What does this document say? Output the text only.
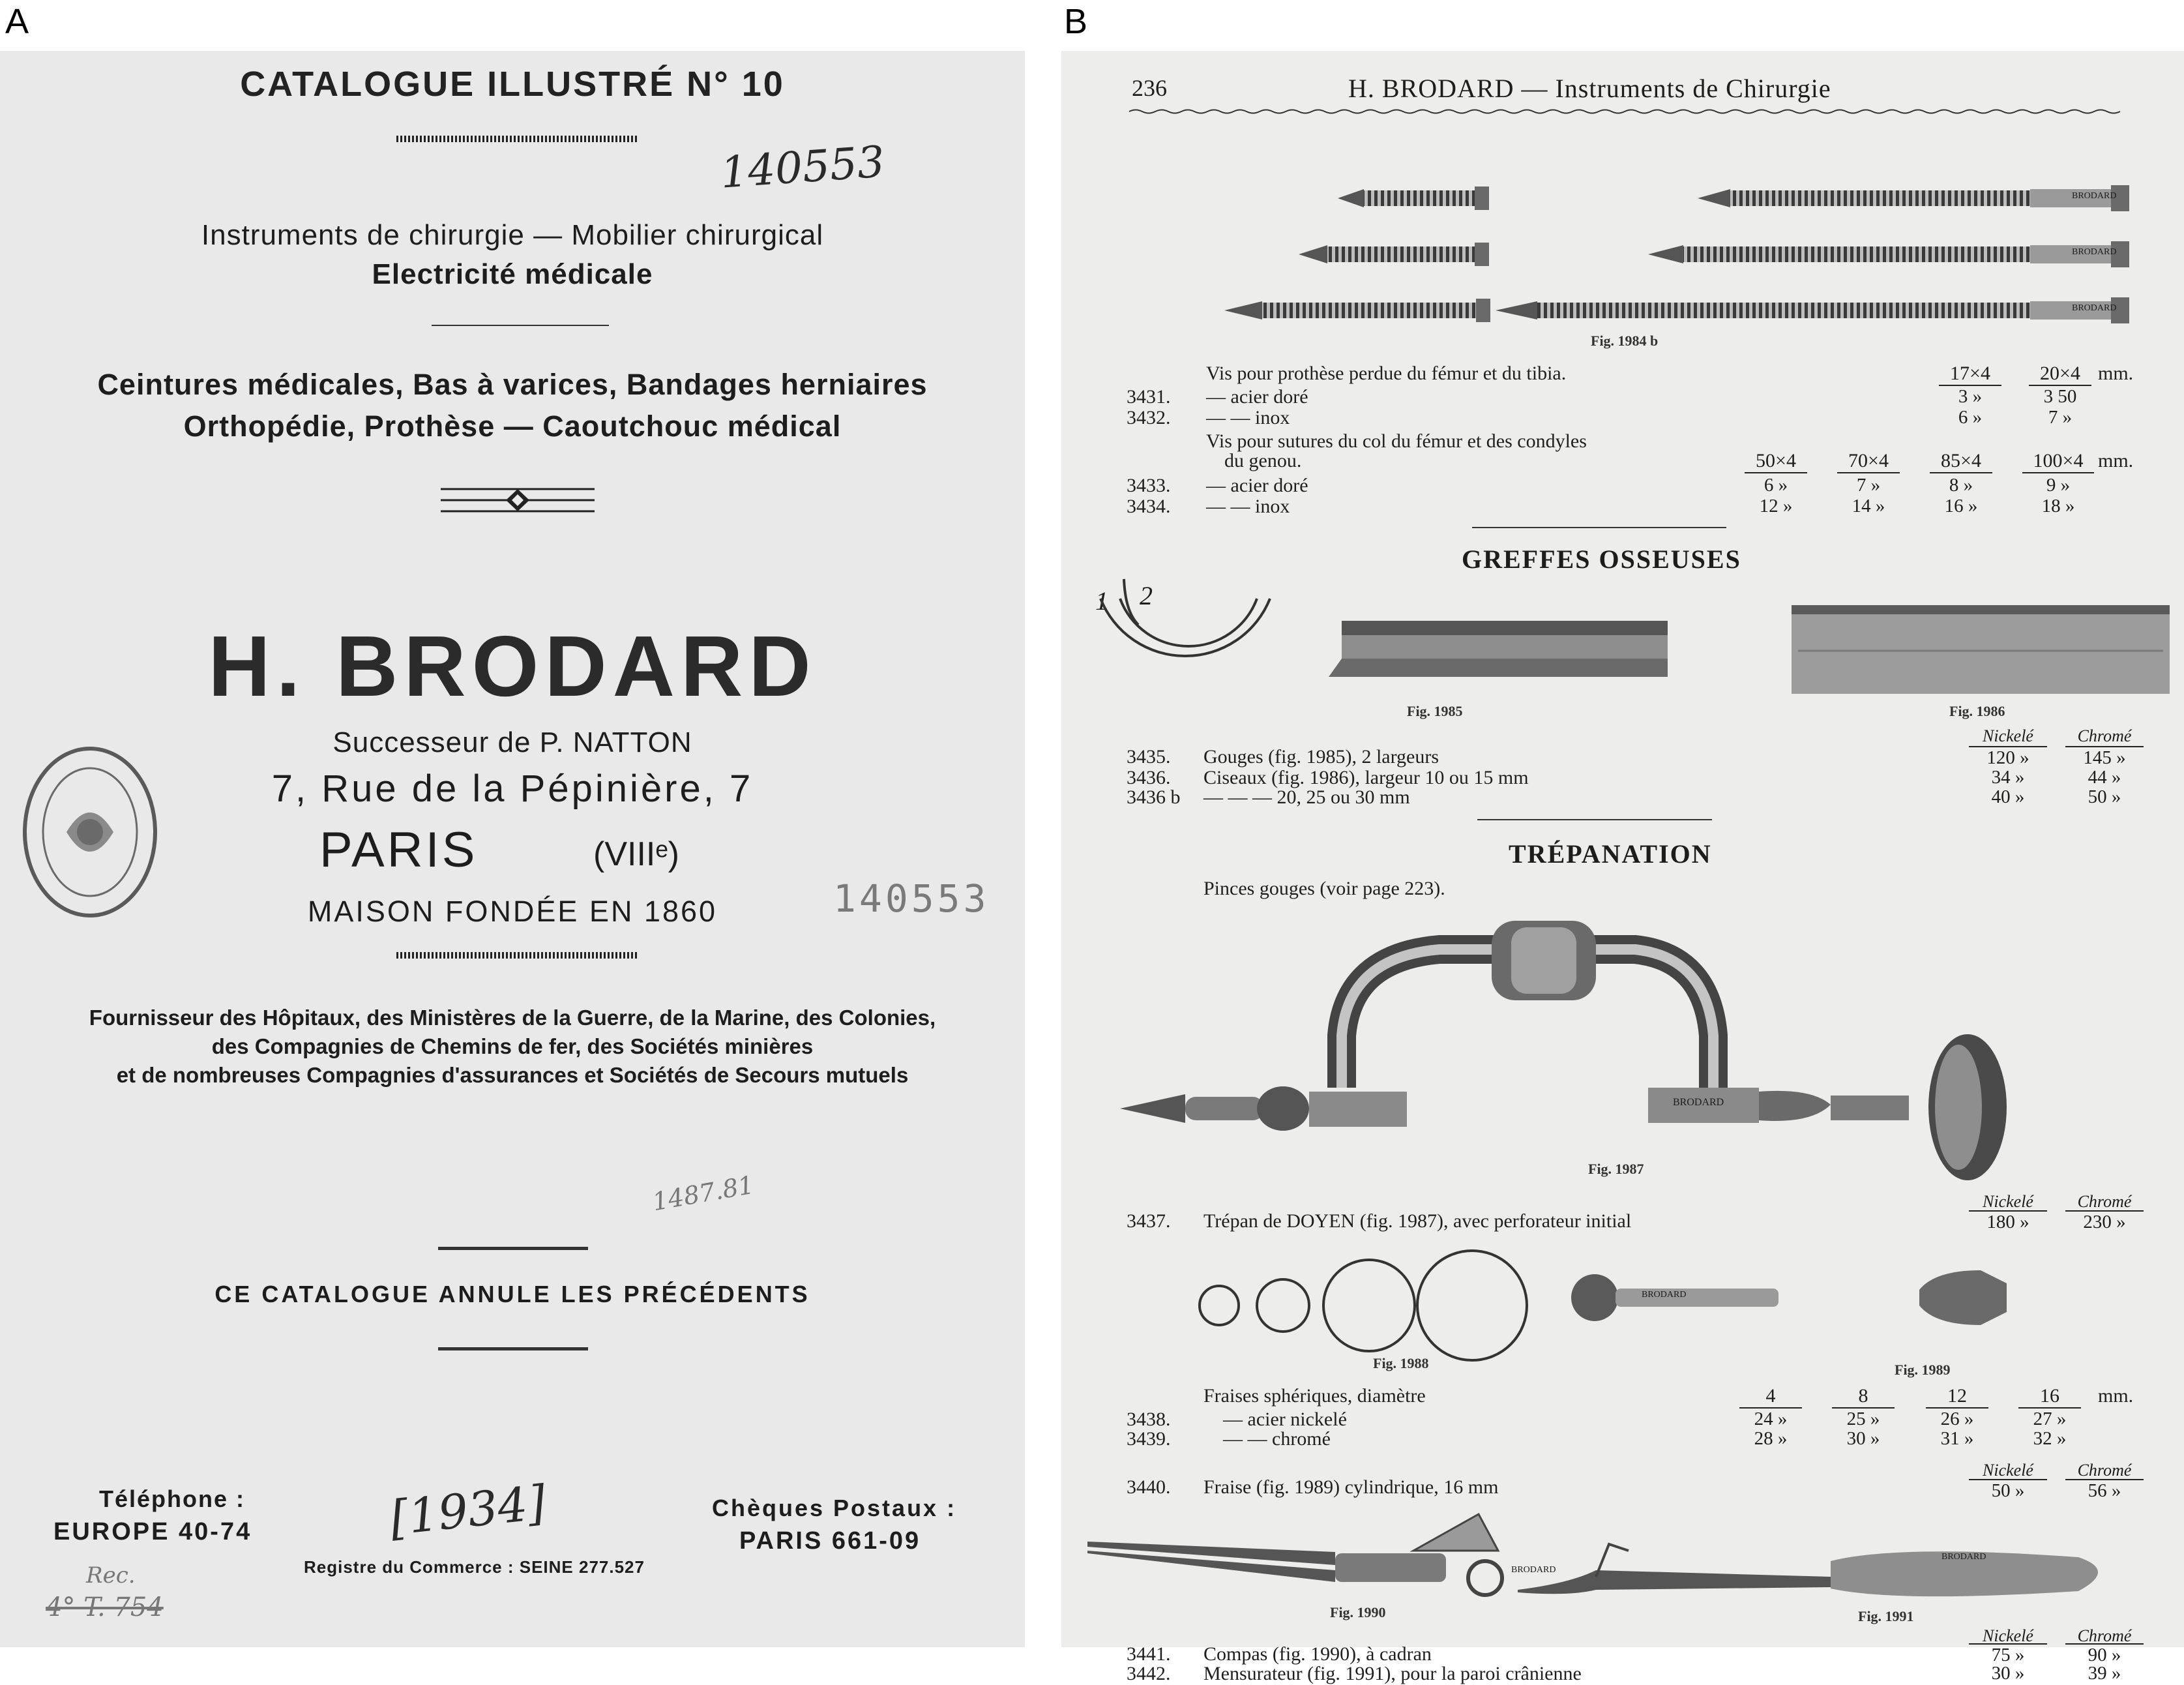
A	B
CATALOGUE ILLUSTRÉ N° 10
140553
Instruments de chirurgie — Mobilier chirurgical
Electricité médicale
Ceintures médicales, Bas à varices, Bandages herniaires
Orthopédie, Prothèse — Caoutchouc médical
H. BRODARD
Successeur de P. NATTON
7, Rue de la Pépinière, 7
PARIS	(VIIIᵉ)
MAISON FONDÉE EN 1860	140553
Fournisseur des Hôpitaux, des Ministères de la Guerre, de la Marine, des Colonies,
des Compagnies de Chemins de fer, des Sociétés minières
et de nombreuses Compagnies d'assurances et Sociétés de Secours mutuels
1487.81
CE CATALOGUE ANNULE LES PRÉCÉDENTS
Téléphone :
EUROPE 40-74	[1934]
Rec.
4° T. 754
Chèques Postaux :
PARIS 661-09
Registre du Commerce : SEINE 277.527
236	H. BRODARD — Instruments de Chirurgie
BRODARD
BRODARD
BRODARD
Fig. 1984 b
Vis pour prothèse perdue du fémur et du tibia.	17×4	20×4 mm.
3431. — acier doré	3 »	3 50
3432. — — inox	6 »	7 »
Vis pour sutures du col du fémur et des condyles
du genou.	50×4	70×4	85×4	100×4 mm.
3433. — acier doré	6 »	7 »	8 »	9 »
3434. — — inox	12 »	14 »	16 »	18 »
GREFFES OSSEUSES
1 2
Fig. 1985	Fig. 1986
Nickelé	Chromé
3435. Gouges (fig. 1985), 2 largeurs	120 »	145 »
3436. Ciseaux (fig. 1986), largeur 10 ou 15 mm	34 »	44 »
3436 b — — — 20, 25 ou 30 mm	40 »	50 »
TRÉPANATION
Pinces gouges (voir page 223).
BRODARD
Fig. 1987
Nickelé	Chromé
3437. Trépan de DOYEN (fig. 1987), avec perforateur initial	180 »	230 »
BRODARD
Fig. 1988	Fig. 1989
Fraises sphériques, diamètre	4	8	12	16	mm.
3438.	— acier nickelé	24 »	25 »	26 »	27 »
3439.	— — chromé	28 »	30 »	31 »	32 »
Nickelé	Chromé
3440. Fraise (fig. 1989) cylindrique, 16 mm	50 »	56 »
BRODARD
BRODARD
Fig. 1990	Fig. 1991
Nickelé	Chromé
3441. Compas (fig. 1990), à cadran	75 »	90 »
3442. Mensurateur (fig. 1991), pour la paroi crânienne	30 »	39 »
